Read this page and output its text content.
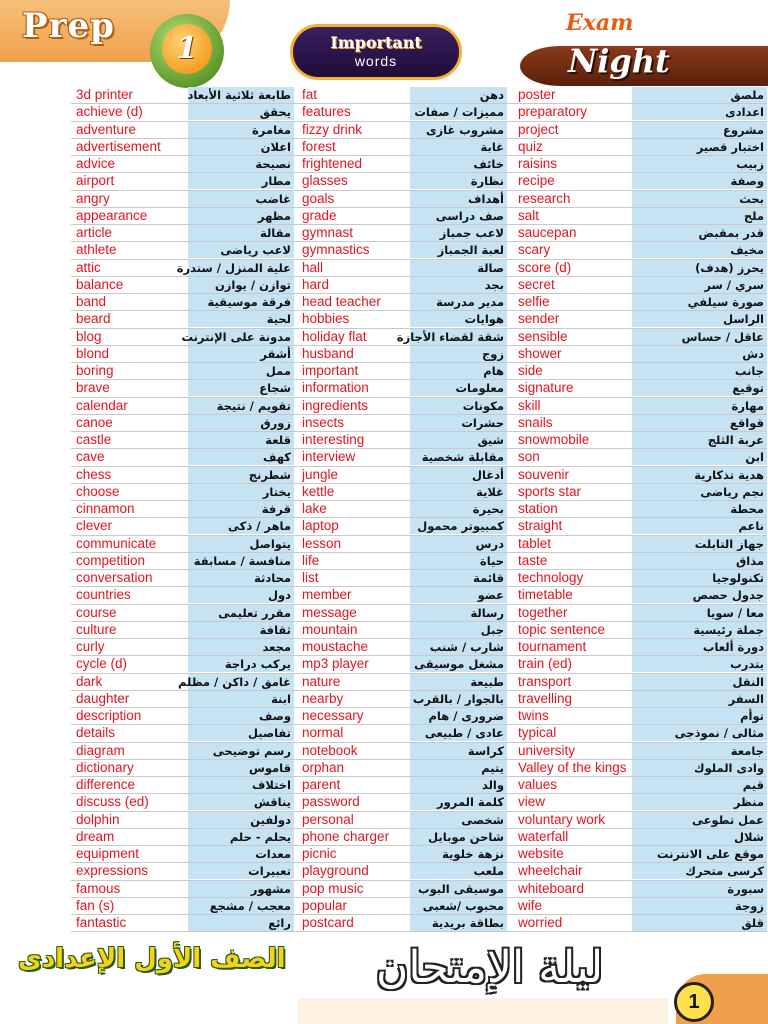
Prep
1	Important
words
Exam
Night
3d printer	طابعة ثلاثية الأبعاد fat	دهن	poster	ملصق
achieve (d)	يحقق features	مميزات / صفات	preparatory	اعدادى
adventure	مغامرة fizzy drink	مشروب غازى	project	مشروع
advertisement	اعلان forest	غابة	quiz	اختبار قصير
advice	نصيحة frightened	خائف	raisins	زبيب
airport	مطار glasses	نظارة	recipe	وصفة
angry	غاضب goals	أهداف	research	بحث
appearance	مظهر grade	صف دراسى	salt	ملح
article	مقالة gymnast	لاعب جمباز	saucepan	قدر بمقبض
athlete	لاعب رياضى gymnastics	لعبة الجمباز	scary	مخيف
attic	علية المنزل / سندرة hall	صالة	score (d)	يحرز (هدف)
balance	توازن / يوازن hard	بجد	secret	سري / سر
band	فرقة موسيقية head teacher	مدير مدرسة	selfie	صورة سيلفي
beard	لحية hobbies	هوايات	sender	الراسل
blog	مدونة على الإنترنت holiday flat	شقة لقضاء الأجازة	sensible	عاقل / حساس
blond	أشقر husband	زوج	shower	دش
boring	ممل important	هام	side	جانب
brave	شجاع information	معلومات	signature	توقيع
calendar	تقويم / نتيجة ingredients	مكونات	skill	مهارة
canoe	زورق insects	حشرات	snails	قواقع
castle	قلعة interesting	شيق	snowmobile	عربة الثلج
cave	كهف interview	مقابلة شخصية	son	ابن
chess	شطرنج jungle	أدغال	souvenir	هدية تذكارية
choose	يختار kettle	غلاية	sports star	نجم رياضى
cinnamon	قرفة lake	بحيرة	station	محطة
clever	ماهر / ذكى laptop	كمبيوتر محمول	straight	ناعم
communicate	يتواصل lesson	درس	tablet	جهاز التابلت
competition	منافسة / مسابقة life	حياة	taste	مذاق
conversation	محادثة list	قائمة	technology	تكنولوجيا
countries	دول member	عضو	timetable	جدول حصص
course	مقرر تعليمى message	رسالة	together	معا / سويا
culture	ثقافة mountain	جبل	topic sentence	جملة رئيسية
curly	مجعد moustache	شارب / شنب	tournament	دورة ألعاب
cycle (d)	يركب دراجة mp3 player	مشغل موسيقى	train (ed)	يتدرب
dark	غامق / داكن / مظلم nature	طبيعة	transport	النقل
daughter	ابنة nearby	بالجوار / بالقرب	travelling	السفر
description	وصف necessary	ضرورى / هام	twins	توأم
details	تفاصيل normal	عادى / طبيعى	typical	مثالى / نموذجى
diagram	رسم توضيحى notebook	كراسة	university	جامعة
dictionary	قاموس orphan	يتيم	Valley of the kings	وادى الملوك
difference	اختلاف parent	والد	values	قيم
discuss (ed)	يناقش password	كلمة المرور	view	منظر
dolphin	دولفين personal	شخصى	voluntary work	عمل تطوعى
dream	يحلم - حلم phone charger	شاحن موبايل	waterfall	شلال
equipment	معدات picnic	نزهة خلوية	website	موقع على الانترنت
expressions	تعبيرات playground	ملعب	wheelchair	كرسى متحرك
famous	مشهور pop music	موسيقى البوب	whiteboard	سبورة
fan (s)	معجب / مشجع popular	محبوب /شعبى	wife	زوجة
fantastic	رائع postcard	بطاقة بريدية	worried	قلق
الصف الأول الإعدادى ليلة الإمتحان
1
